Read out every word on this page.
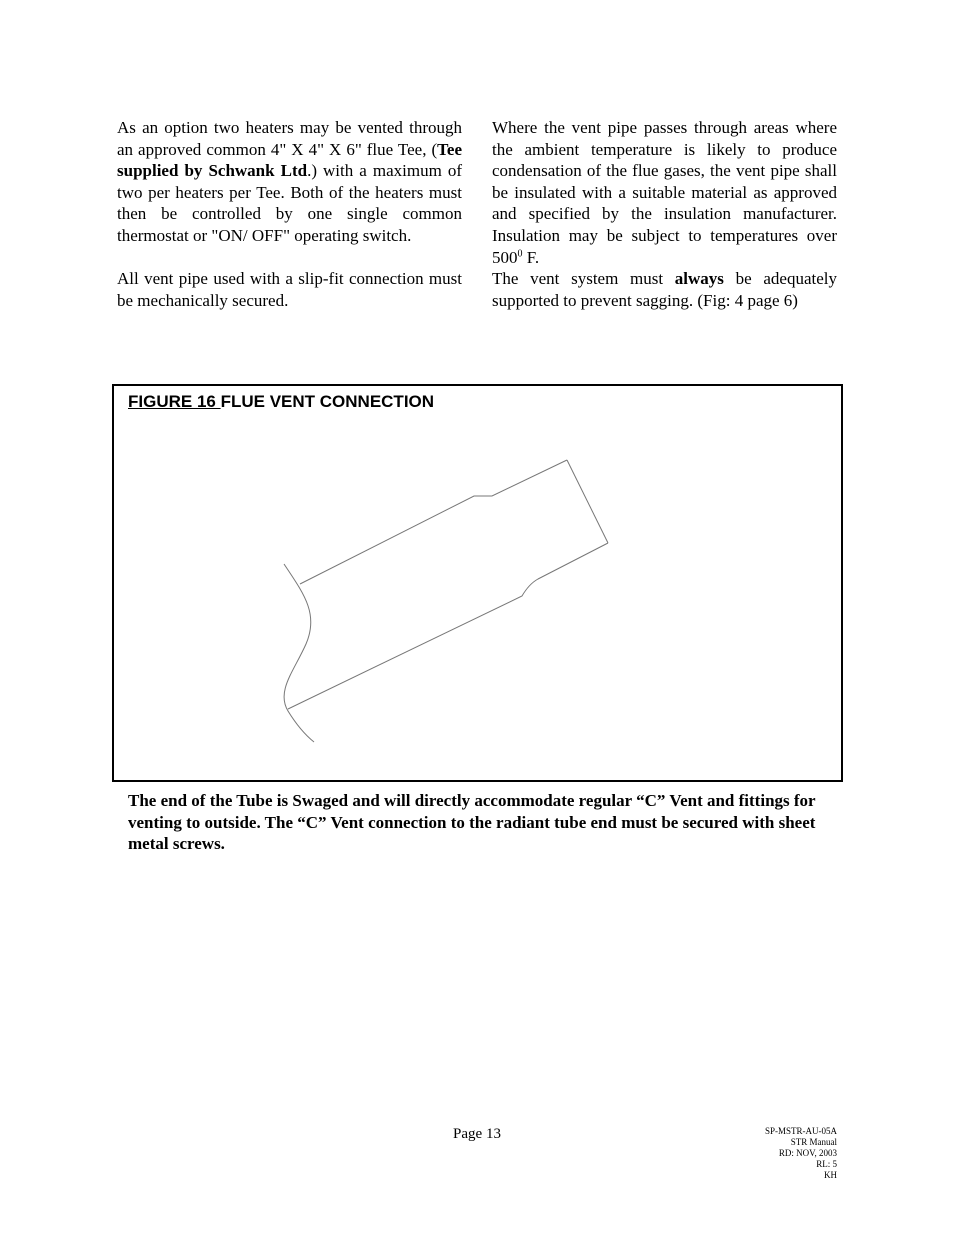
As an option two heaters may be vented through an approved common 4" X 4" X 6" flue Tee, (Tee supplied by Schwank Ltd.) with a maximum of two per heaters per Tee. Both of the heaters must then be controlled by one single common thermostat or "ON/ OFF" operating switch.

All vent pipe used with a slip-fit connection must be mechanically secured.

Where the vent pipe passes through areas where the ambient temperature is likely to produce condensation of the flue gases, the vent pipe shall be insulated with a suitable material as approved and specified by the insulation manufacturer. Insulation may be subject to temperatures over $500^0$ F.

The vent system must always be adequately supported to prevent sagging. (Fig: 4 page 6)

FIGURE 16 FLUE VENT CONNECTION
The end of the Tube is Swaged and will directly accommodate regular “C” Vent and fittings for venting to outside. The “C” Vent connection to the radiant tube end must be secured with sheet metal screws.
Page 13	SP-MSTR-AU-05A
STR Manual
RD: NOV, 2003
RL: 5
KH
